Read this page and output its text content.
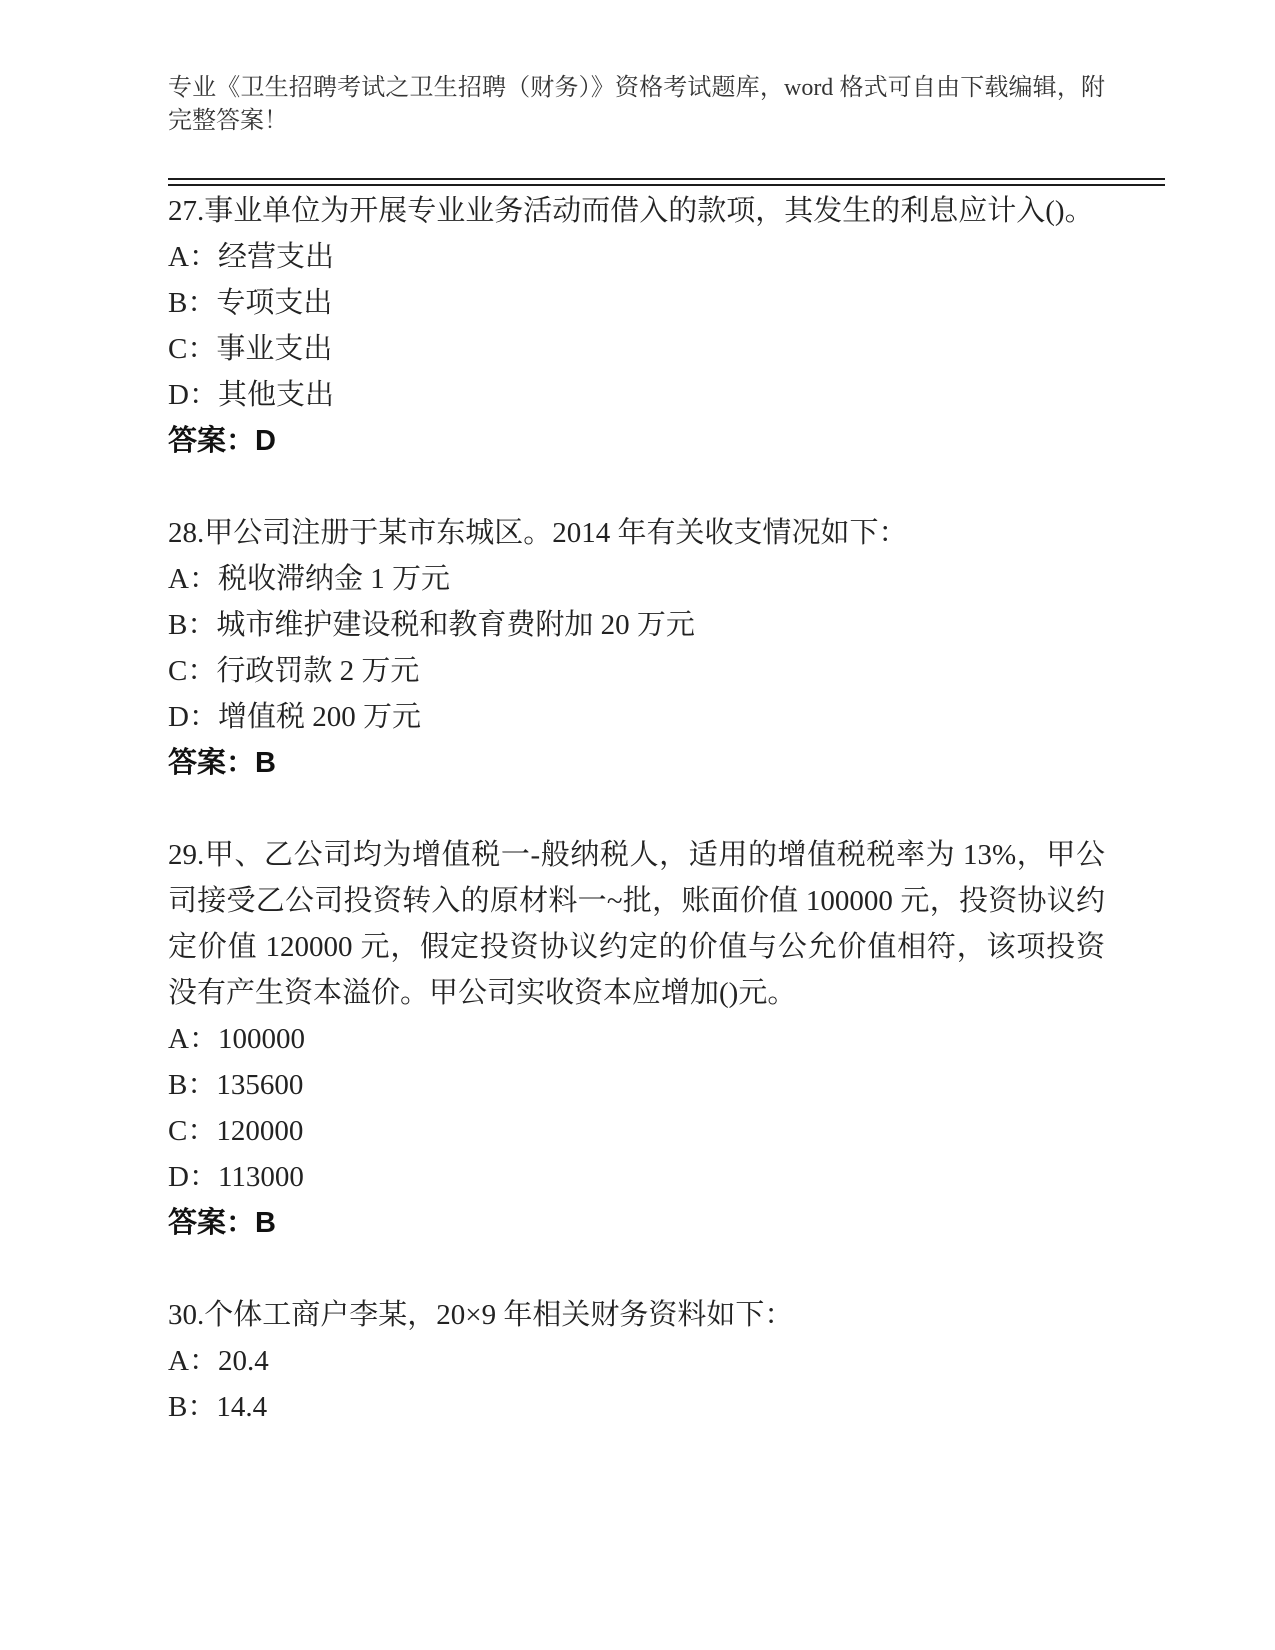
专业《卫生招聘考试之卫生招聘（财务）》资格考试题库，word 格式可自由下载编辑，附完整答案！

27.事业单位为开展专业业务活动而借入的款项，其发生的利息应计入()。

A：经营支出

B：专项支出

C：事业支出

D：其他支出

答案：D

28.甲公司注册于某市东城区。2014 年有关收支情况如下：

A：税收滞纳金 1 万元

B：城市维护建设税和教育费附加 20 万元

C：行政罚款 2 万元

D：增值税 200 万元

答案：B

29.甲、乙公司均为增值税一-般纳税人，适用的增值税税率为 13%，甲公司接受乙公司投资转入的原材料一~批，账面价值 100000 元，投资协议约定价值 120000 元，假定投资协议约定的价值与公允价值相符，该项投资没有产生资本溢价。甲公司实收资本应增加()元。

A：100000

B：135600

C：120000

D：113000

答案：B

30.个体工商户李某，20×9 年相关财务资料如下：

A：20.4

B：14.4
